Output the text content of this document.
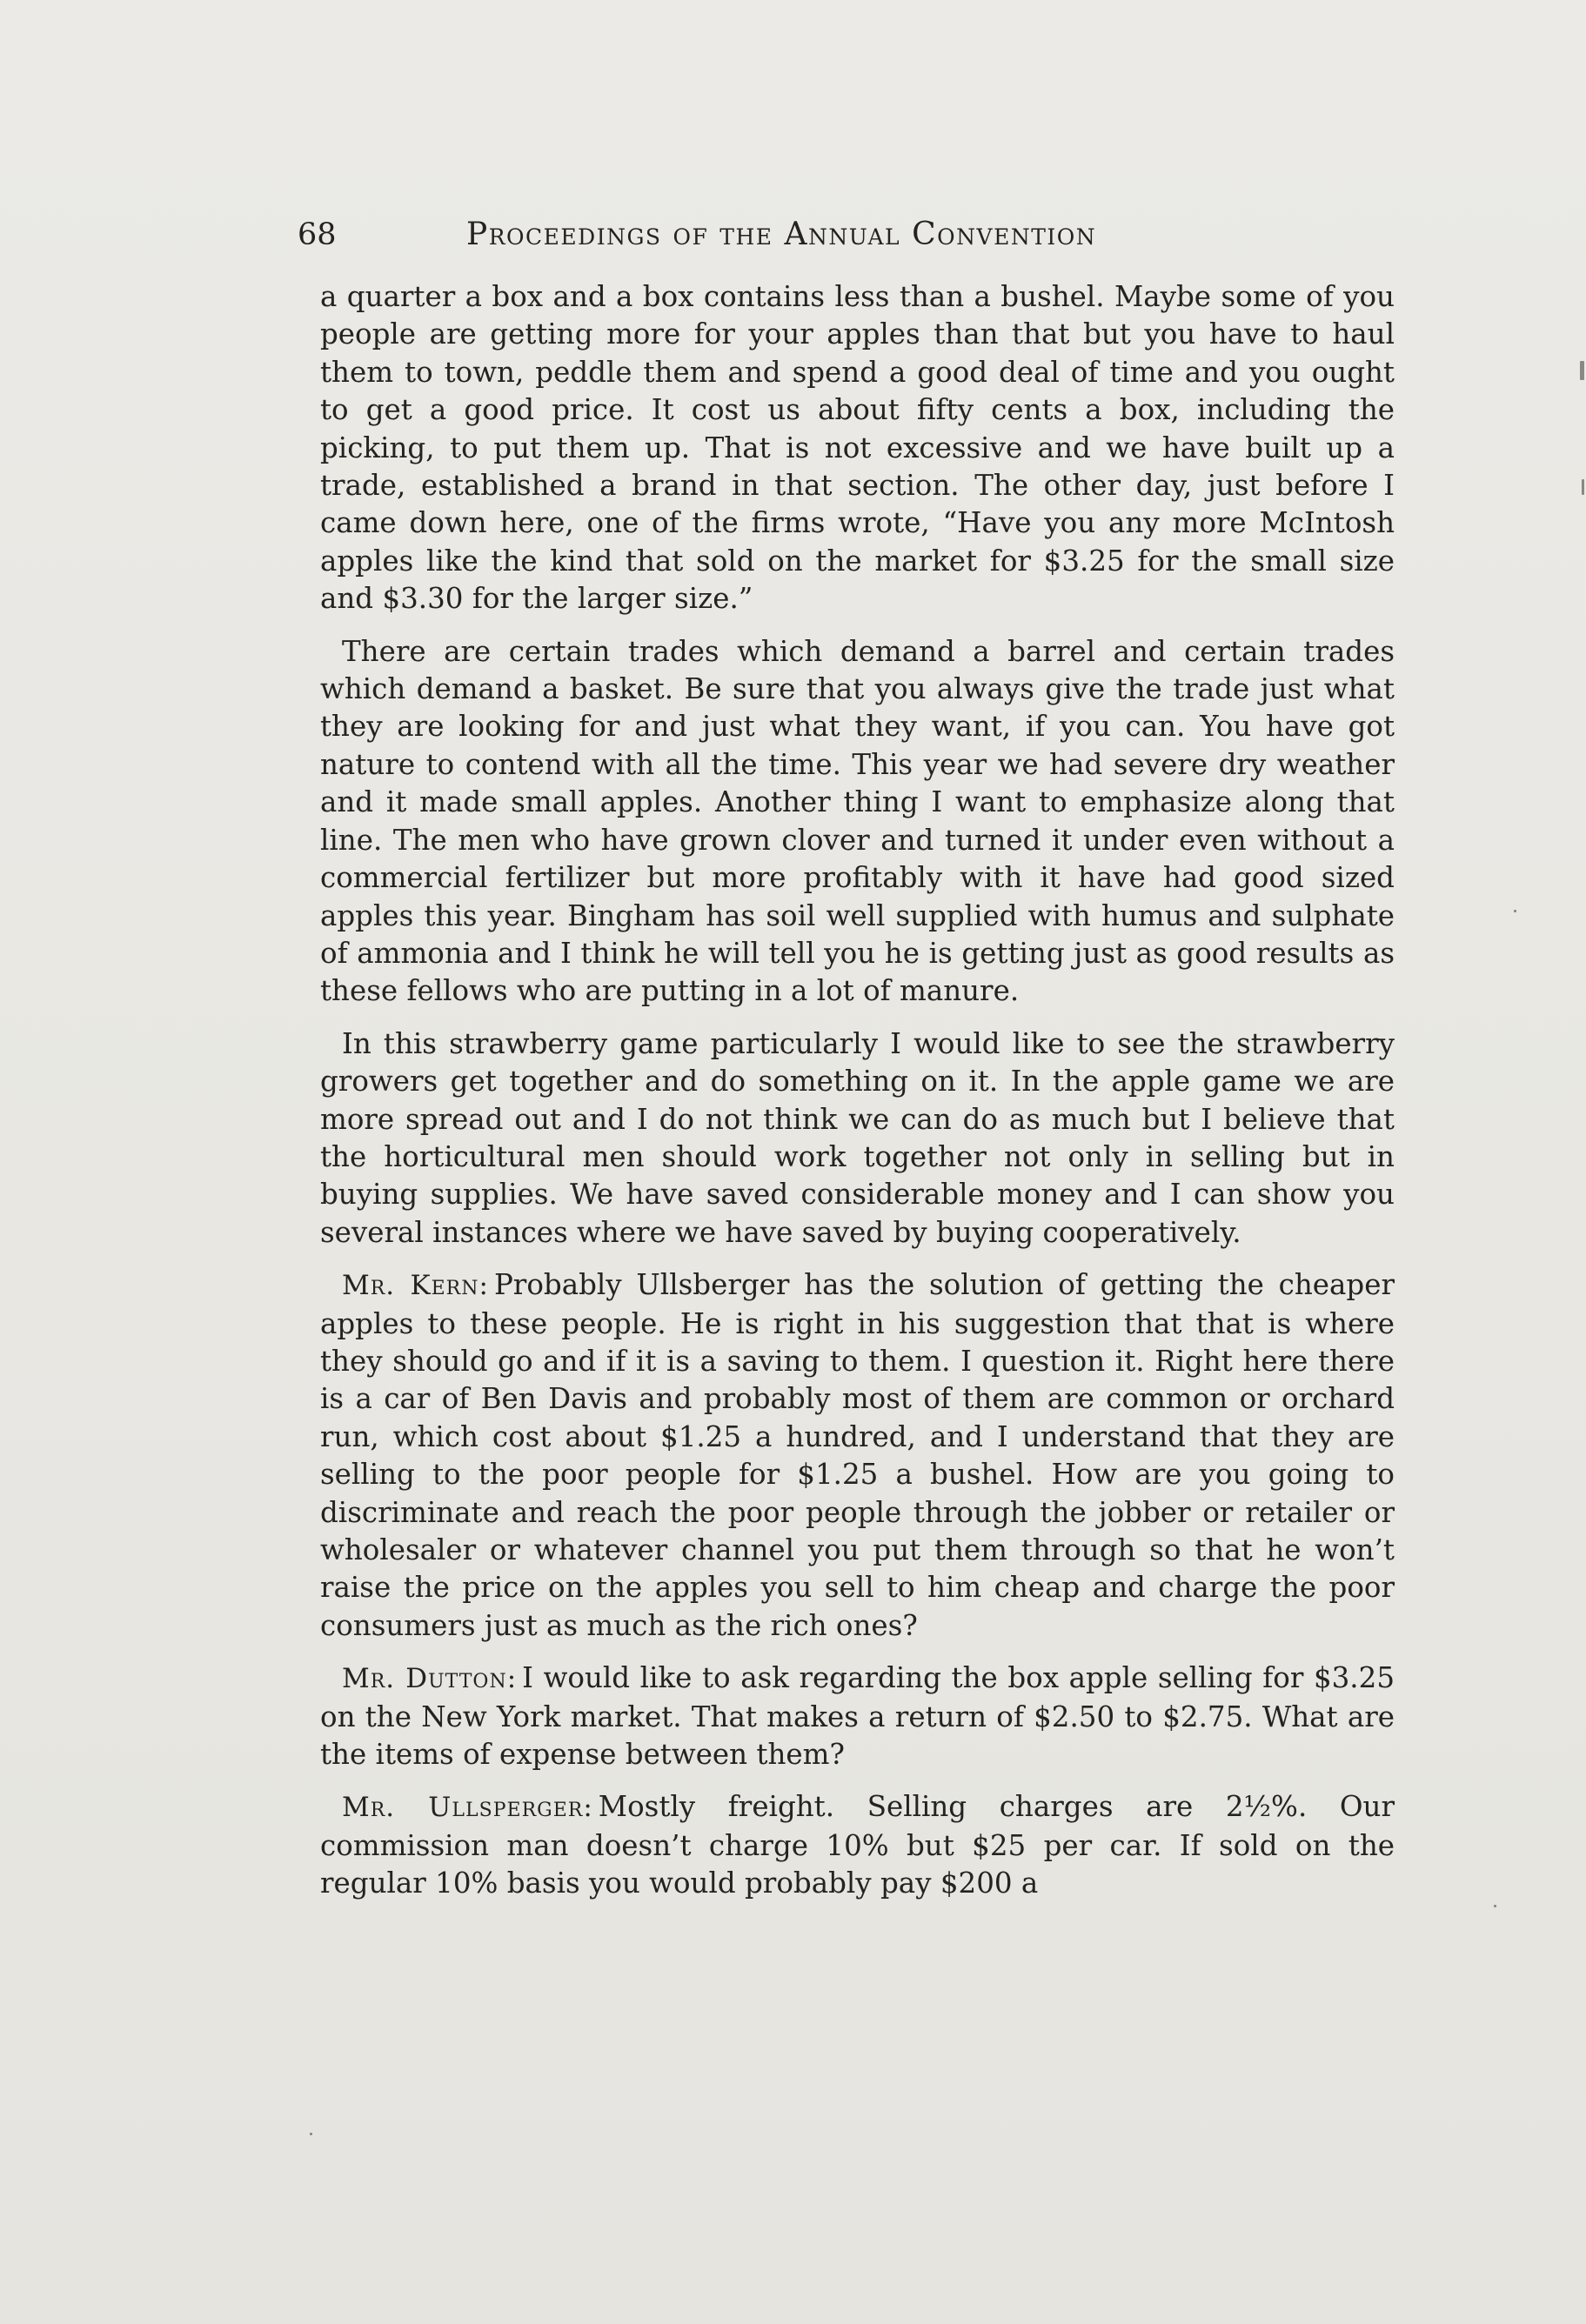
68	Proceedings of the Annual Convention

a quarter a box and a box contains less than a bushel. Maybe some of you people are getting more for your apples than that but you have to haul them to town, peddle them and spend a good deal of time and you ought to get a good price. It cost us about fifty cents a box, including the picking, to put them up. That is not excessive and we have built up a trade, established a brand in that section. The other day, just before I came down here, one of the firms wrote, “Have you any more McIntosh apples like the kind that sold on the market for $3.25 for the small size and $3.30 for the larger size.”

There are certain trades which demand a barrel and certain trades which demand a basket. Be sure that you always give the trade just what they are looking for and just what they want, if you can. You have got nature to contend with all the time. This year we had severe dry weather and it made small apples. Another thing I want to emphasize along that line. The men who have grown clover and turned it under even without a commercial fertilizer but more profitably with it have had good sized apples this year. Bingham has soil well supplied with humus and sulphate of ammonia and I think he will tell you he is getting just as good results as these fellows who are putting in a lot of manure.

In this strawberry game particularly I would like to see the strawberry growers get together and do something on it. In the apple game we are more spread out and I do not think we can do as much but I believe that the horticultural men should work together not only in selling but in buying supplies. We have saved considerable money and I can show you several instances where we have saved by buying cooperatively.

Mr. Kern: Probably Ullsberger has the solution of getting the cheaper apples to these people. He is right in his suggestion that that is where they should go and if it is a saving to them. I question it. Right here there is a car of Ben Davis and probably most of them are common or orchard run, which cost about $1.25 a hundred, and I understand that they are selling to the poor people for $1.25 a bushel. How are you going to discriminate and reach the poor people through the jobber or retailer or wholesaler or whatever channel you put them through so that he won’t raise the price on the apples you sell to him cheap and charge the poor consumers just as much as the rich ones?

Mr. Dutton: I would like to ask regarding the box apple selling for $3.25 on the New York market. That makes a return of $2.50 to $2.75. What are the items of expense between them?

Mr. Ullsperger: Mostly freight. Selling charges are 2½%. Our commission man doesn’t charge 10% but $25 per car. If sold on the regular 10% basis you would probably pay $200 a
